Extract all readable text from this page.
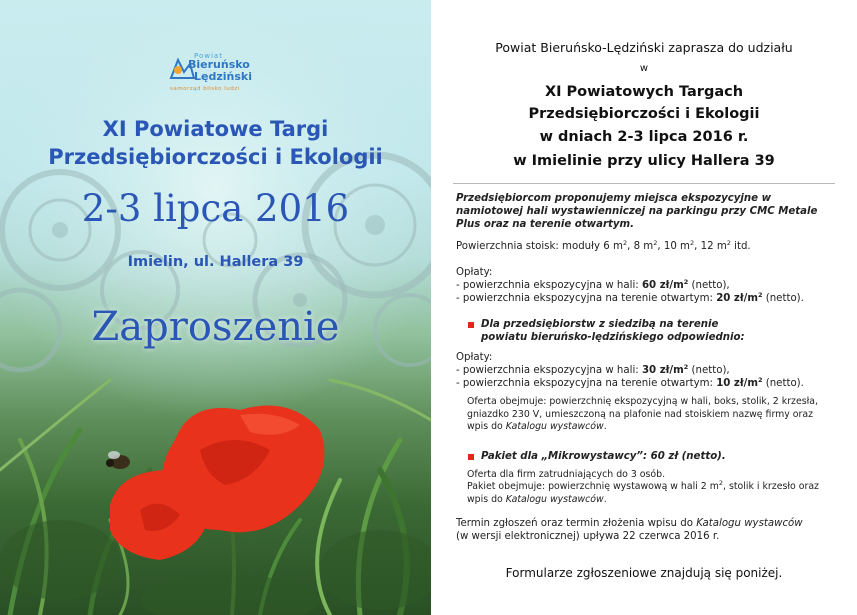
Powiat
Bieruńsko
Lędziński
samorząd blisko ludzi
XI Powiatowe Targi
Przedsiębiorczości i Ekologii
2-3 lipca 2016
Imielin, ul. Hallera 39
Zaproszenie
Powiat Bieruńsko-Lędziński zaprasza do udziału
w
XI Powiatowych Targach
Przedsiębiorczości i Ekologii
w dniach 2-3 lipca 2016 r.
w Imielinie przy ulicy Hallera 39
Przedsiębiorcom proponujemy miejsca ekspozycyjne w namiotowej hali wystawienniczej na parkingu przy CMC Metale Plus oraz na terenie otwartym.
Powierzchnia stoisk: moduły 6 $m^2$, 8 $m^2$, 10 $m^2$, 12 $m^2$ itd.
Opłaty:
- powierzchnia ekspozycyjna w hali: 60 $zł/m^2$ (netto),
- powierzchnia ekspozycyjna na terenie otwartym: 20 $zł/m^2$ (netto).
Dla przedsiębiorstw z siedzibą na terenie
powiatu bieruńsko-lędzińskiego odpowiednio:
Opłaty:
- powierzchnia ekspozycyjna w hali: 30 $zł/m^2$ (netto),
- powierzchnia ekspozycyjna na terenie otwartym: 10 $zł/m^2$ (netto).
Oferta obejmuje: powierzchnię ekspozycyjną w hali, boks, stolik, 2 krzesła, gniazdko 230 V, umieszczoną na plafonie nad stoiskiem nazwę firmy oraz wpis do Katalogu wystawców.
Pakiet dla „Mikrowystawcy”: 60 zł (netto).
Oferta dla firm zatrudniających do 3 osób.
Pakiet obejmuje: powierzchnię wystawową w hali 2 $m^2$, stolik i krzesło oraz wpis do Katalogu wystawców.
Termin zgłoszeń oraz termin złożenia wpisu do Katalogu wystawców (w wersji elektronicznej) upływa 22 czerwca 2016 r.
Formularze zgłoszeniowe znajdują się poniżej.
